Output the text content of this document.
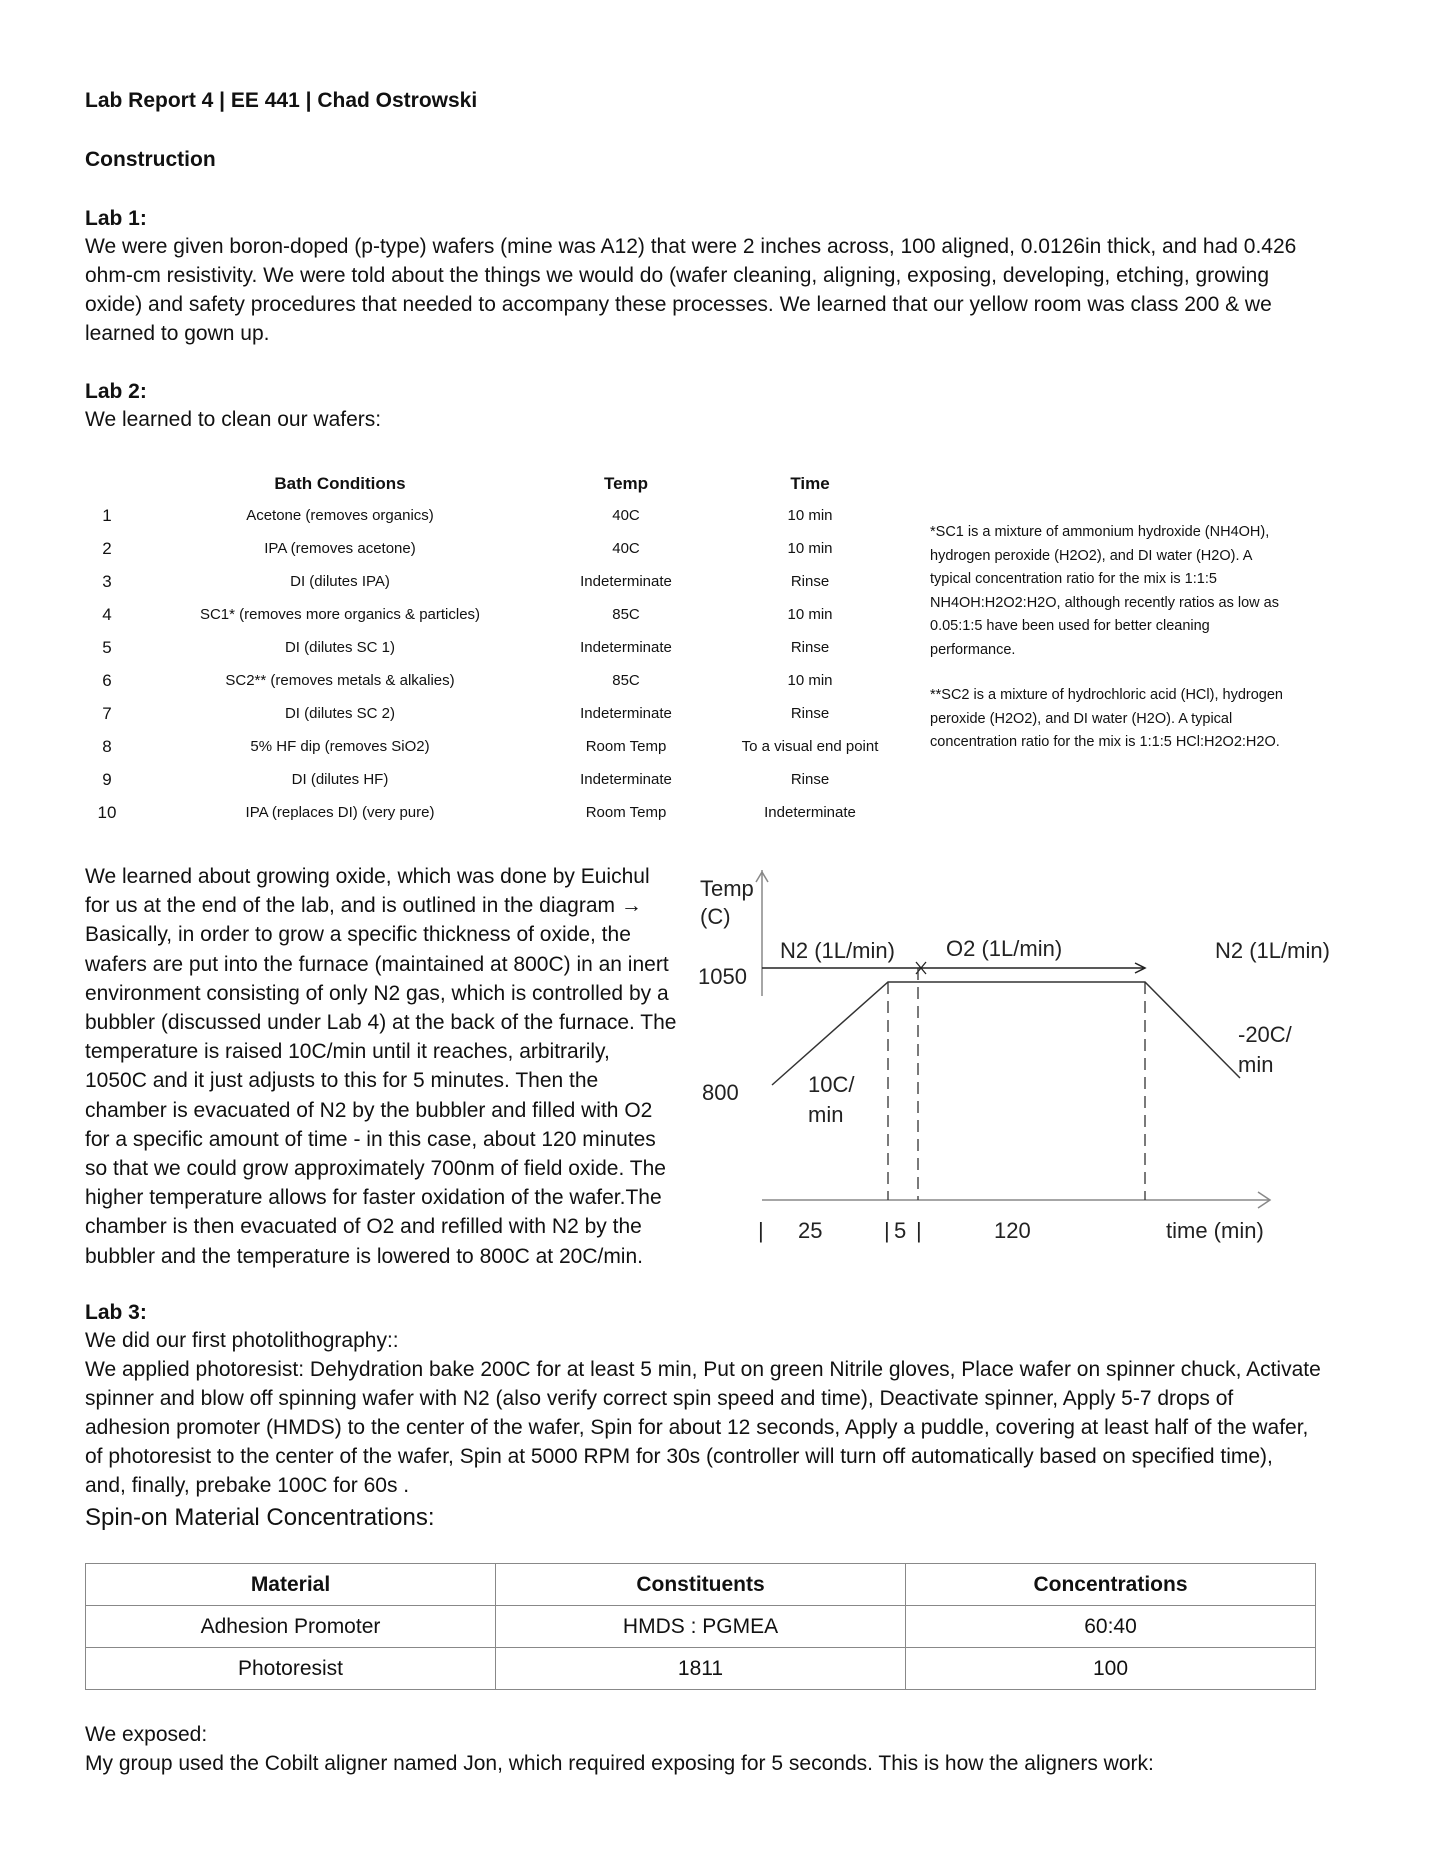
Lab Report 4 | EE 441 | Chad Ostrowski
Construction
Lab 1:
We were given boron-doped (p-type) wafers (mine was A12) that were 2 inches across, 100 aligned, 0.0126in thick, and had 0.426
ohm-cm resistivity. We were told about the things we would do (wafer cleaning, aligning, exposing, developing, etching, growing
oxide) and safety procedures that needed to accompany these processes. We learned that our yellow room was class 200 & we
learned to gown up.
Lab 2:
We learned to clean our wafers:
Bath Conditions	Temp	Time
1	Acetone (removes organics)	40C	10 min
2	IPA (removes acetone)	40C	10 min
3	DI (dilutes IPA)	Indeterminate	Rinse
4	SC1* (removes more organics & particles)	85C	10 min
5	DI (dilutes SC 1)	Indeterminate	Rinse
6	SC2** (removes metals & alkalies)	85C	10 min
7	DI (dilutes SC 2)	Indeterminate	Rinse
8	5% HF dip (removes SiO2)	Room Temp	To a visual end point
9	DI (dilutes HF)	Indeterminate	Rinse
10	IPA (replaces DI) (very pure)	Room Temp	Indeterminate
*SC1 is a mixture of ammonium hydroxide (NH4OH),
hydrogen peroxide (H2O2), and DI water (H2O). A
typical concentration ratio for the mix is 1:1:5
NH4OH:H2O2:H2O, although recently ratios as low as
0.05:1:5 have been used for better cleaning
performance.
**SC2 is a mixture of hydrochloric acid (HCl), hydrogen
peroxide (H2O2), and DI water (H2O). A typical
concentration ratio for the mix is 1:1:5 HCl:H2O2:H2O.
We learned about growing oxide, which was done by Euichul
for us at the end of the lab, and is outlined in the diagram →
Basically, in order to grow a specific thickness of oxide, the
wafers are put into the furnace (maintained at 800C) in an inert
environment consisting of only N2 gas, which is controlled by a
bubbler (discussed under Lab 4) at the back of the furnace. The
temperature is raised 10C/min until it reaches, arbitrarily,
1050C and it just adjusts to this for 5 minutes. Then the
chamber is evacuated of N2 by the bubbler and filled with O2
for a specific amount of time - in this case, about 120 minutes
so that we could grow approximately 700nm of field oxide. The
higher temperature allows for faster oxidation of the wafer.The
chamber is then evacuated of O2 and refilled with N2 by the
bubbler and the temperature is lowered to 800C at 20C/min.
Temp
(C)
1050
800
N2 (1L/min) O2 (1L/min)	N2 (1L/min)
10C/
min
-20C/
min
| 25	| 5 |	120	time (min)
Lab 3:
We did our first photolithography::
We applied photoresist: Dehydration bake 200C for at least 5 min, Put on green Nitrile gloves, Place wafer on spinner chuck, Activate
spinner and blow off spinning wafer with N2 (also verify correct spin speed and time), Deactivate spinner, Apply 5-7 drops of
adhesion promoter (HMDS) to the center of the wafer, Spin for about 12 seconds, Apply a puddle, covering at least half of the wafer,
of photoresist to the center of the wafer, Spin at 5000 RPM for 30s (controller will turn off automatically based on specified time),
and, finally, prebake 100C for 60s .
Spin-on Material Concentrations:
Material	Constituents	Concentrations
Adhesion Promoter	HMDS : PGMEA	60:40
Photoresist	1811	100
We exposed:
My group used the Cobilt aligner named Jon, which required exposing for 5 seconds. This is how the aligners work:
